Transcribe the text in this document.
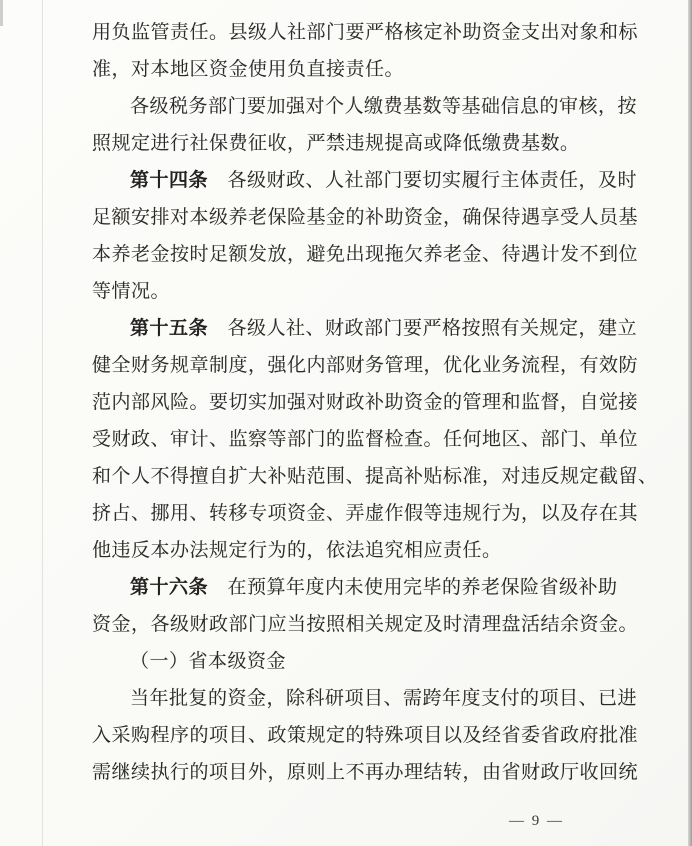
用负监管责任。县级人社部门要严格核定补助资金支出对象和标
准，对本地区资金使用负直接责任。
各级税务部门要加强对个人缴费基数等基础信息的审核，按
照规定进行社保费征收，严禁违规提高或降低缴费基数。
第十四条　各级财政、人社部门要切实履行主体责任，及时
足额安排对本级养老保险基金的补助资金，确保待遇享受人员基
本养老金按时足额发放，避免出现拖欠养老金、待遇计发不到位
等情况。
第十五条　各级人社、财政部门要严格按照有关规定，建立
健全财务规章制度，强化内部财务管理，优化业务流程，有效防
范内部风险。要切实加强对财政补助资金的管理和监督，自觉接
受财政、审计、监察等部门的监督检查。任何地区、部门、单位
和个人不得擅自扩大补贴范围、提高补贴标准，对违反规定截留、
挤占、挪用、转移专项资金、弄虚作假等违规行为，以及存在其
他违反本办法规定行为的，依法追究相应责任。
第十六条　在预算年度内未使用完毕的养老保险省级补助
资金，各级财政部门应当按照相关规定及时清理盘活结余资金。
（一）省本级资金
当年批复的资金，除科研项目、需跨年度支付的项目、已进
入采购程序的项目、政策规定的特殊项目以及经省委省政府批准
需继续执行的项目外，原则上不再办理结转，由省财政厅收回统
— 9 —
